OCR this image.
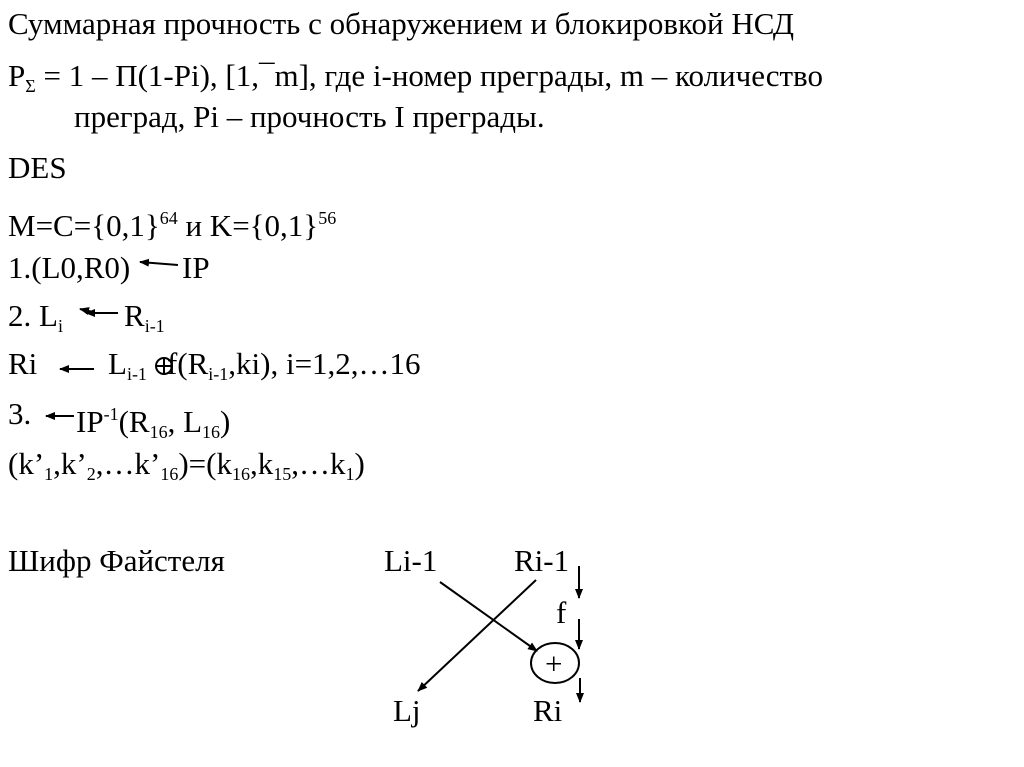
Суммарная прочность с обнаружением и блокировкой НСД
PΣ = 1 – П(1-Pi), [1,¯m], где i-номер преграды, m – количество
преград, Pi – прочность I преграды.
DES
$M=C=\{0,1\}^{64}$ и $K=\{0,1\}^{56}$
1.(L0,R0) IP
2. Li Ri-1
Ri Li-1 f(Ri-1,ki), i=1,2,…16
3. $IP^{-1}(R16$, L16)
(k’1,k’2,…k’16)=(k16,k15,…k1)
Шифр Файстеля	Li-1 Ri-1
f
+
Lj	Ri
